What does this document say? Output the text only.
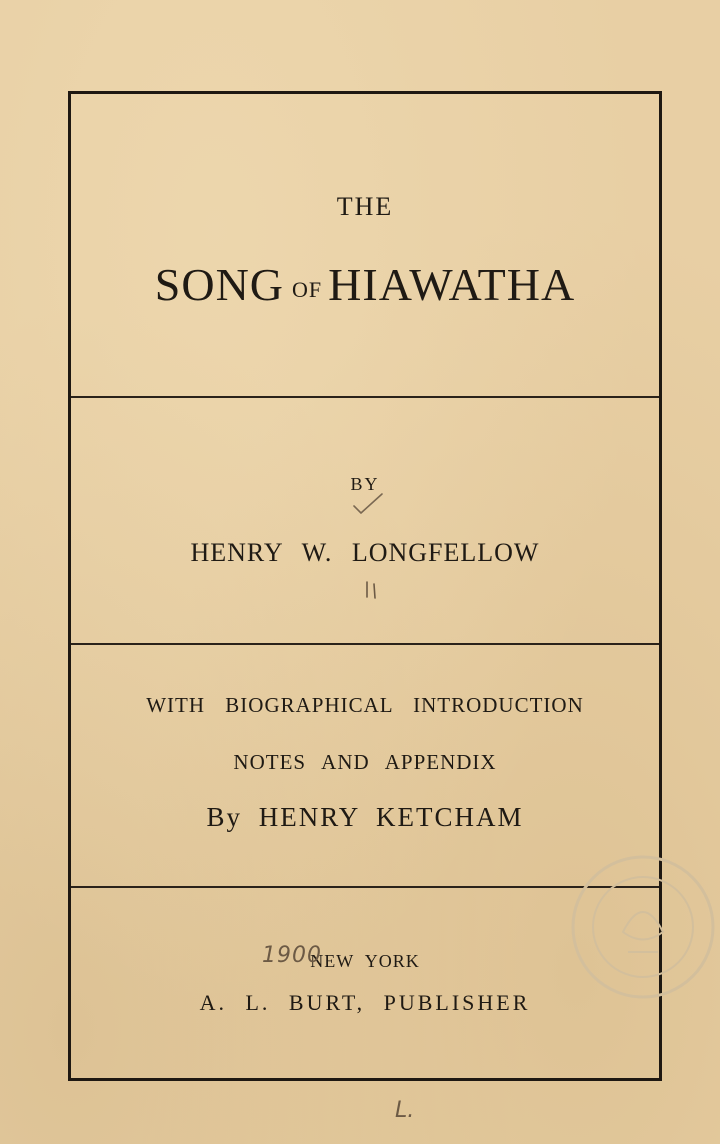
THE
SONG OF HIAWATHA
BY
HENRY W. LONGFELLOW
WITH BIOGRAPHICAL INTRODUCTION
NOTES AND APPENDIX
By HENRY KETCHAM
NEW YORK
A. L. BURT, PUBLISHER
1900
L.
